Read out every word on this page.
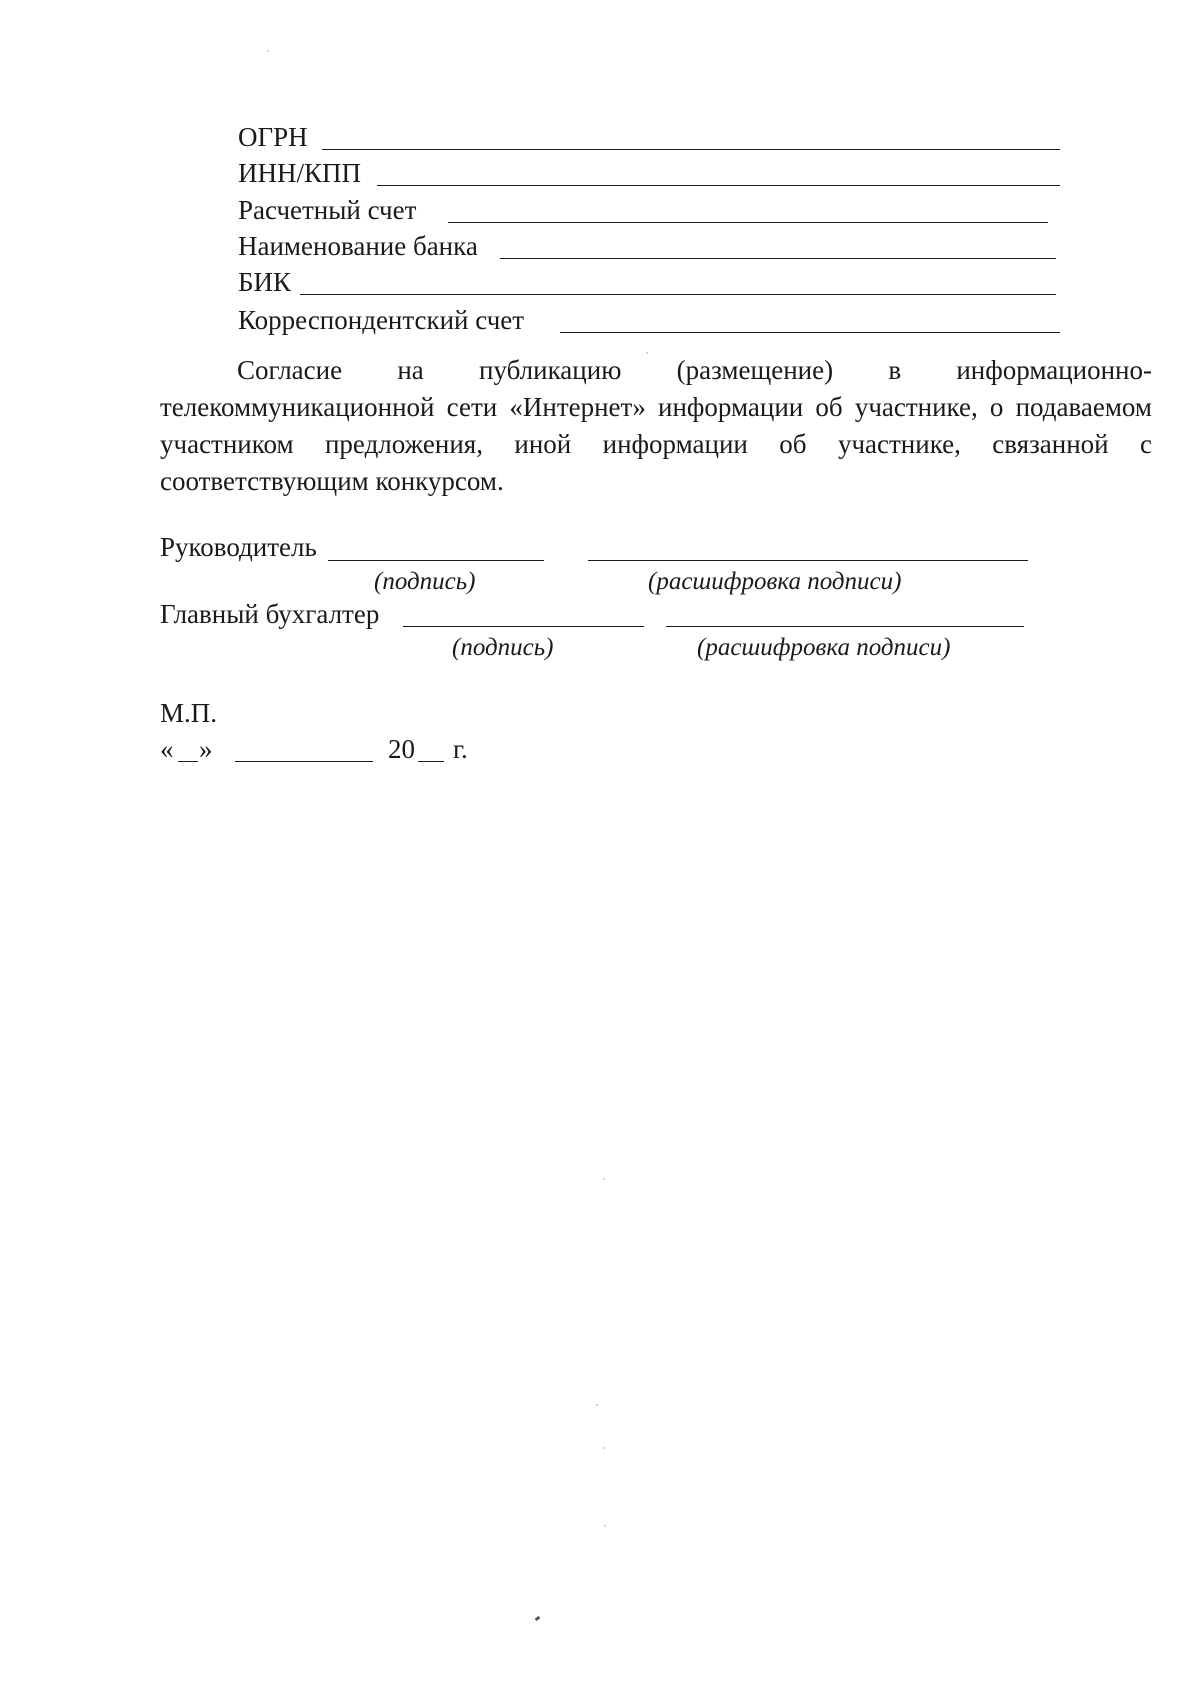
ОГРН
ИНН/КПП
Расчетный счет
Наименование банка
БИК
Корреспондентский счет
Согласие на публикацию (размещение) в информационно-
телекоммуникационной сети «Интернет» информации об участнике, о подаваемом участником предложения, иной информации об участнике, связанной с соответствующим конкурсом.
Руководитель
(подпись)	(расшифровка подписи)
Главный бухгалтер
(подпись)	(расшифровка подписи)
М.П.
« »	20 г.
